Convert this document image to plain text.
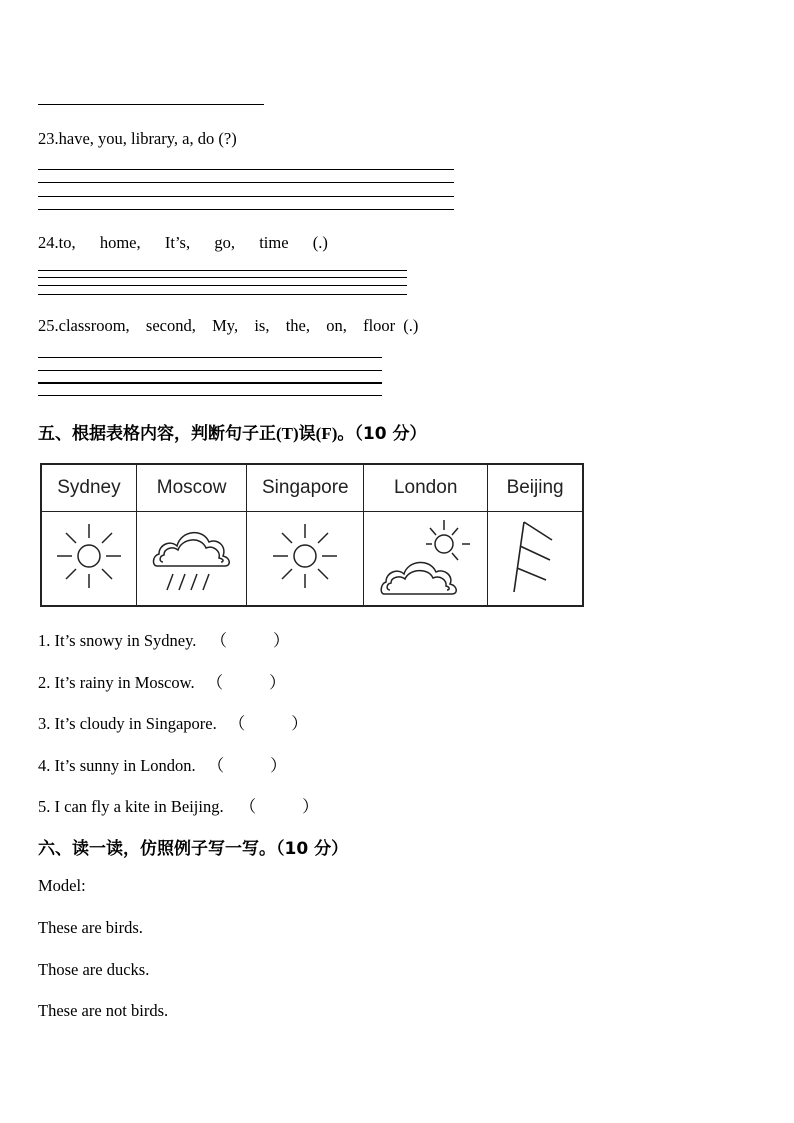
23.have, you, library, a, do (?)
24.to,  home,  It’s,  go,  time  (.)
25.classroom,  second,  My,  is,  the,  on,  floor (.)
五、根据表格内容，判断句子正(T)误(F)。（10 分）
Sydney	Moscow	Singapore	London	Beijing

1. It’s snowy in Sydney. （	）
2. It’s rainy in Moscow. （	）
3. It’s cloudy in Singapore. （	）
4. It’s sunny in London. （	）
5. I can fly a kite in Beijing. （	）
六、读一读，仿照例子写一写。（10 分）
Model:
These are birds.
Those are ducks.
These are not birds.
